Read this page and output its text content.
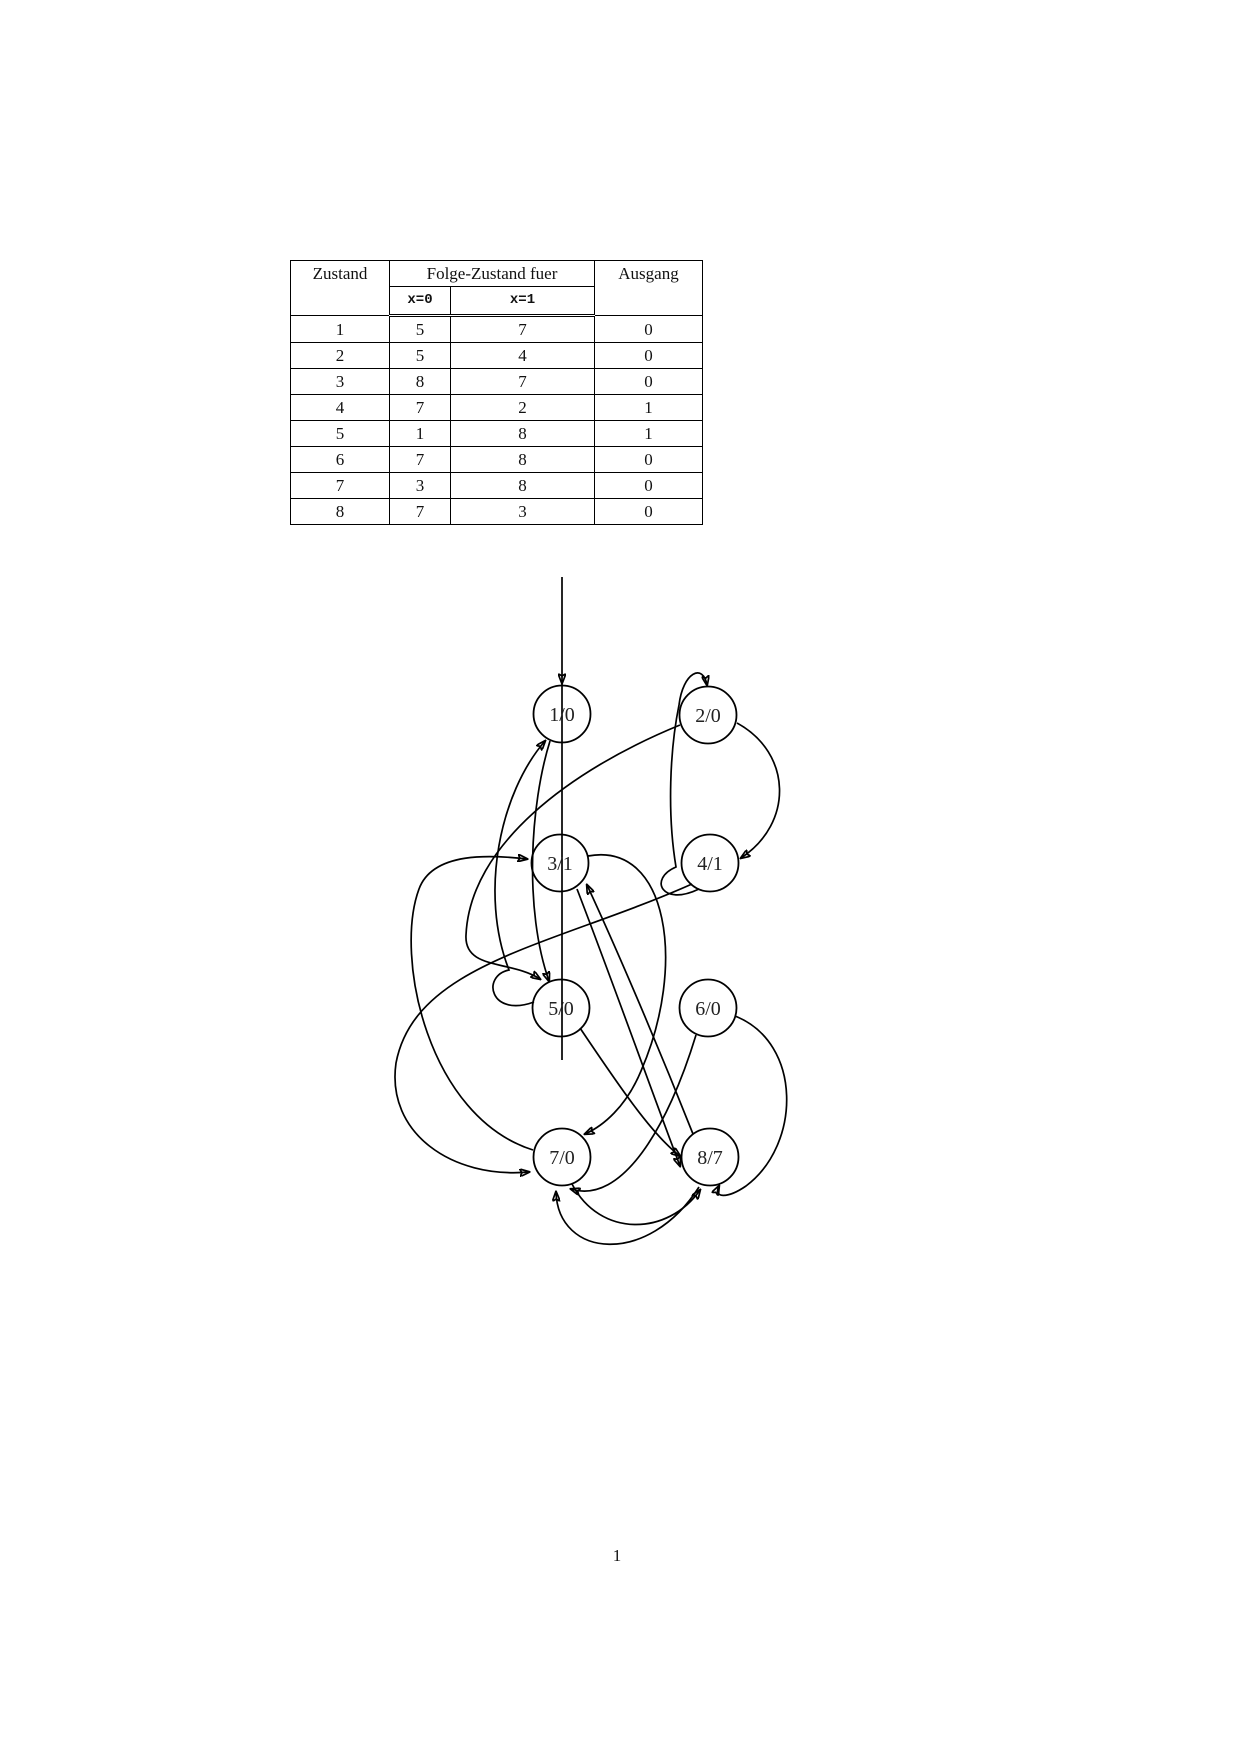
Zustand	Folge-Zustand fuer		Ausgang
	x=0	x=1	
1	5	7	0
2	5	4	0
3	8	7	0
4	7	2	1
5	1	8	1
6	7	8	0
7	3	8	0
8	7	3	0
1/0	2/0
3/1	4/1
5/0	6/0
7/0	8/7
1
